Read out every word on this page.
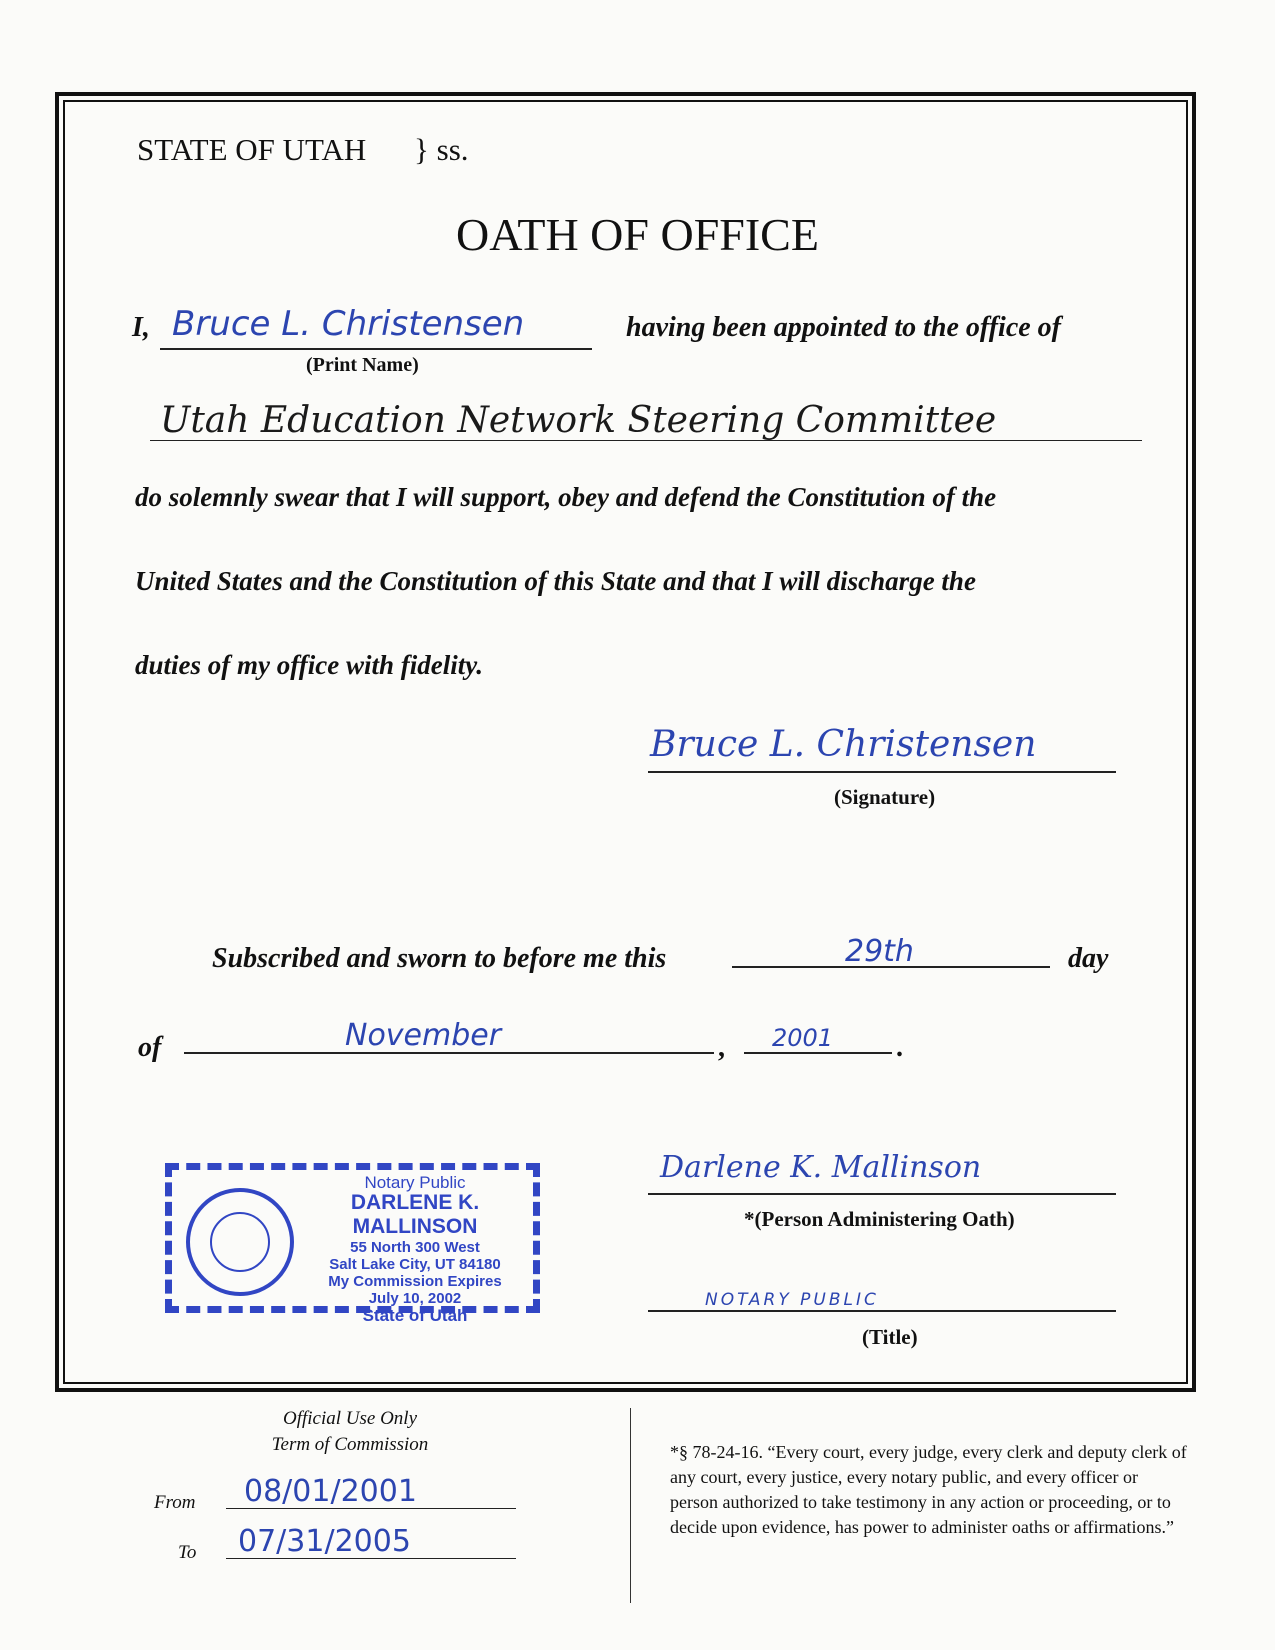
STATE OF UTAH } ss.
OATH OF OFFICE
I, Bruce L. Christensen
(Print Name)
having been appointed to the office of
Utah Education Network Steering Committee
do solemnly swear that I will support, obey and defend the Constitution of the
United States and the Constitution of this State and that I will discharge the
duties of my office with fidelity.
Bruce L. Christensen
(Signature)
Subscribed and sworn to before me this	29th	day
of	November	, 2001 .
Notary Public
DARLENE K. MALLINSON
55 North 300 West
Salt Lake City, UT 84180
My Commission Expires
July 10, 2002
State of Utah
Darlene K. Mallinson
*(Person Administering Oath)
NOTARY PUBLIC
(Title)
Official Use Only
Term of Commission
From 08/01/2001
To 07/31/2005
*§ 78-24-16. “Every court, every judge, every clerk and deputy clerk of any court, every justice, every notary public, and every officer or person authorized to take testimony in any action or proceeding, or to decide upon evidence, has power to administer oaths or affirmations.”
